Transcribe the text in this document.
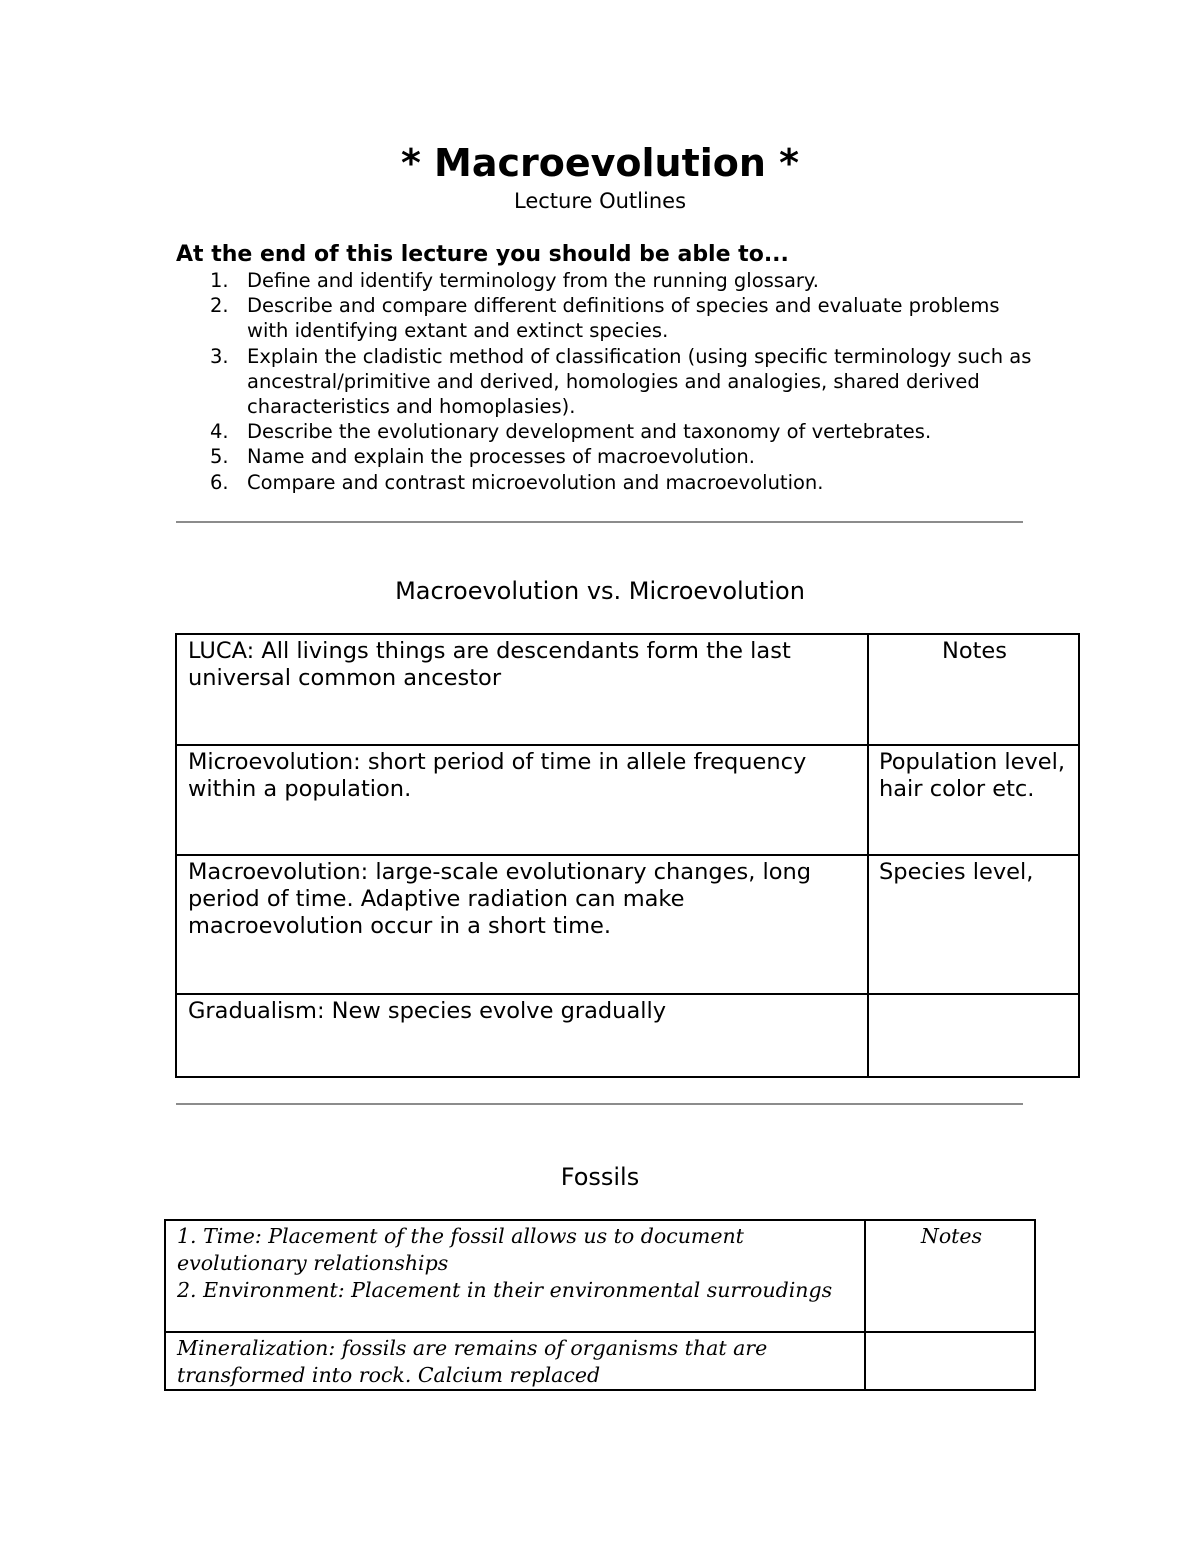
* Macroevolution *
Lecture Outlines
At the end of this lecture you should be able to...
1. Define and identify terminology from the running glossary.
2. Describe and compare different definitions of species and evaluate problems with identifying extant and extinct species.
3. Explain the cladistic method of classification (using specific terminology such as ancestral/primitive and derived, homologies and analogies, shared derived characteristics and homoplasies).
4. Describe the evolutionary development and taxonomy of vertebrates.
5. Name and explain the processes of macroevolution.
6. Compare and contrast microevolution and macroevolution.
Macroevolution vs. Microevolution
LUCA: All livings things are descendants form the last universal common ancestor	Notes

Microevolution: short period of time in allele frequency within a population.	Population level, hair color etc.

Macroevolution: large-scale evolutionary changes, long period of time. Adaptive radiation can make macroevolution occur in a short time.	Species level,

Gradualism: New species evolve gradually	

Fossils
1. Time: Placement of the fossil allows us to document evolutionary relationships
2. Environment: Placement in their environmental surroudings	Notes

Mineralization: fossils are remains of organisms that are transformed into rock. Calcium replaced	
